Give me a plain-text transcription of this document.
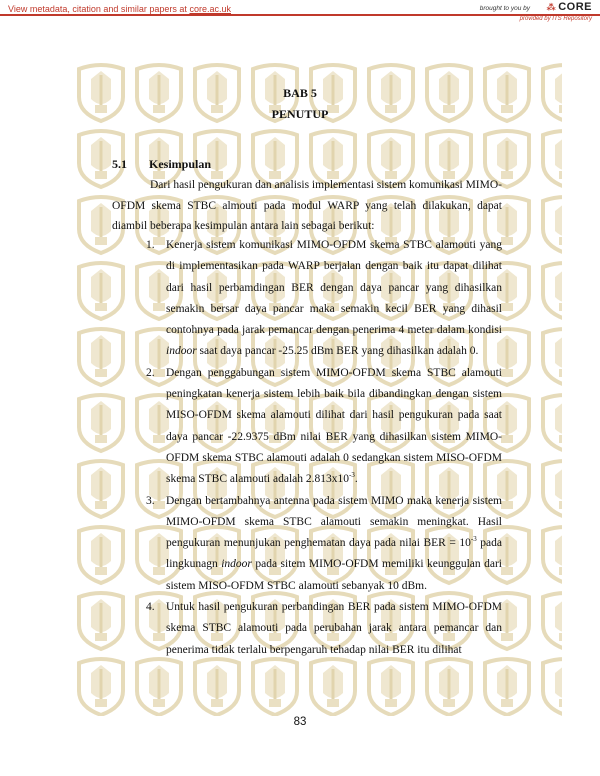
View metadata, citation and similar papers at core.ac.uk	brought to you by ⁂ CORE
provided by ITS Repository
BAB 5
PENUTUP
5.1 Kesimpulan

Dari hasil pengukuran dan analisis implementasi sistem komunikasi MIMO-OFDM skema STBC almouti pada modul WARP yang telah dilakukan, dapat diambil beberapa kesimpulan antara lain sebagai berikut:

1. Kenerja sistem komunikasi MIMO-OFDM skema STBC alamouti yang di implementasikan pada WARP berjalan dengan baik itu dapat dilihat dari hasil perbamdingan BER dengan daya pancar yang dihasilkan semakin bersar daya pancar maka semakin kecil BER yang dihasil contohnya pada jarak pemancar dengan penerima 4 meter dalam kondisi indoor saat daya pancar -25.25 dBm BER yang dihasilkan adalah 0.
2. Dengan penggabungan sistem MIMO-OFDM skema STBC alamouti peningkatan kenerja sistem lebih baik bila dibandingkan dengan sistem MISO-OFDM skema alamouti dilihat dari hasil pengukuran pada saat daya pancar -22.9375 dBm nilai BER yang dihasilkan sistem MIMO-OFDM skema STBC alamouti adalah 0 sedangkan sistem MISO-OFDM skema STBC alamouti adalah $2.813x10^{-3}$.
3. Dengan bertambahnya antenna pada sistem MIMO maka kenerja sistem MIMO-OFDM skema STBC alamouti semakin meningkat. Hasil pengukuran menunjukan penghematan daya pada nilai BER = $10^{-3}$ pada lingkunagn indoor pada sitem MIMO-OFDM memiliki keunggulan dari sistem MISO-OFDM STBC alamouti sebanyak 10 dBm.
4. Untuk hasil pengukuran perbandingan BER pada sistem MIMO-OFDM skema STBC alamouti pada perubahan jarak antara pemancar dan penerima tidak terlalu berpengaruh tehadap nilai BER itu dilihat
83
